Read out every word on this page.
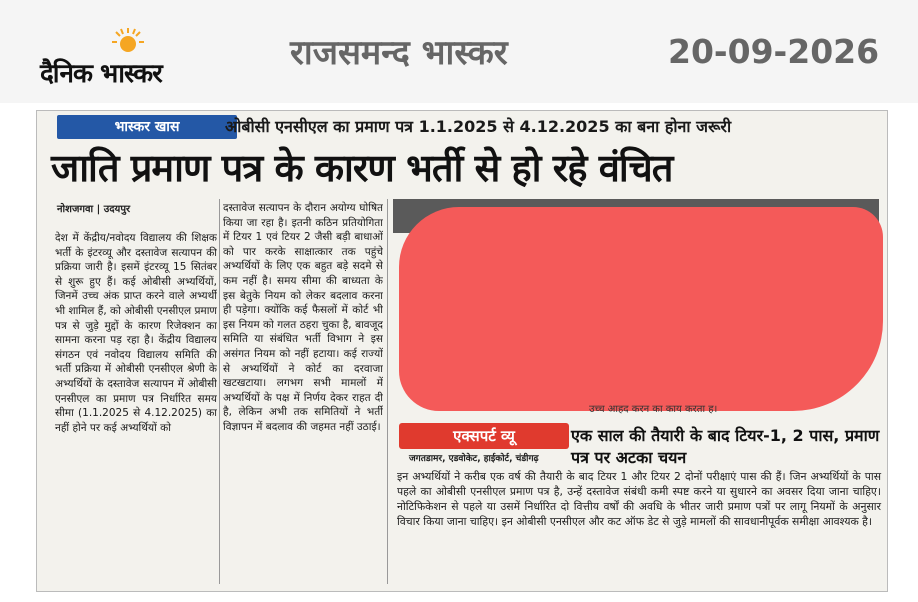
दैनिक भास्कर
राजसमन्द भास्कर	20-09-2026
भास्कर खास	ओबीसी एनसीएल का प्रमाण पत्र 1.1.2025 से 4.12.2025 का बना होना जरूरी
जाति प्रमाण पत्र के कारण भर्ती से हो रहे वंचित
नोशजगवा | उदयपुर
देश में केंद्रीय/नवोदय विद्यालय की शिक्षक भर्ती के इंटरव्यू और दस्तावेज सत्यापन की प्रक्रिया जारी है। इसमें इंटरव्यू 15 सितंबर से शुरू हुए हैं। कई ओबीसी अभ्यर्थियों, जिनमें उच्च अंक प्राप्त करने वाले अभ्यर्थी भी शामिल हैं, को ओबीसी एनसीएल प्रमाण पत्र से जुड़े मुद्दों के कारण रिजेक्शन का सामना करना पड़ रहा है। केंद्रीय विद्यालय संगठन एवं नवोदय विद्यालय समिति की भर्ती प्रक्रिया में ओबीसी एनसीएल श्रेणी के अभ्यर्थियों के दस्तावेज सत्यापन में ओबीसी एनसीएल का प्रमाण पत्र निर्धारित समय सीमा (1.1.2025 से 4.12.2025) का नहीं होने पर कई अभ्यर्थियों को
दस्तावेज सत्यापन के दौरान अयोग्य घोषित किया जा रहा है। इतनी कठिन प्रतियोगिता में टियर 1 एवं टियर 2 जैसी बड़ी बाधाओं को पार करके साक्षात्कार तक पहुंचे अभ्यर्थियों के लिए एक बहुत बड़े सदमे से कम नहीं है। समय सीमा की बाध्यता के इस बेतुके नियम को लेकर बदलाव करना ही पड़ेगा। क्योंकि कई फैसलों में कोर्ट भी इस नियम को गलत ठहरा चुका है, बावजूद समिति या संबंधित भर्ती विभाग ने इस असंगत नियम को नहीं हटाया। कई राज्यों से अभ्यर्थियों ने कोर्ट का दरवाजा खटखटाया। लगभग सभी मामलों में अभ्यर्थियों के पक्ष में निर्णय देकर राहत दी है, लेकिन अभी तक समितियों ने भर्ती विज्ञापन में बदलाव की जहमत नहीं उठाई।
उच्च आहद करन का काय करता ह।
एक्सपर्ट व्यू
जगतडामर, एडवोकेट, हाईकोर्ट, चंडीगढ़
एक साल की तैयारी के बाद टियर-1, 2 पास, प्रमाण पत्र पर अटका चयन
इन अभ्यर्थियों ने करीब एक वर्ष की तैयारी के बाद टियर 1 और टियर 2 दोनों परीक्षाएं पास की हैं। जिन अभ्यर्थियों के पास पहले का ओबीसी एनसीएल प्रमाण पत्र है, उन्हें दस्तावेज संबंधी कमी स्पष्ट करने या सुधारने का अवसर दिया जाना चाहिए। नोटिफिकेशन से पहले या उसमें निर्धारित दो वित्तीय वर्षों की अवधि के भीतर जारी प्रमाण पत्रों पर लागू नियमों के अनुसार विचार किया जाना चाहिए। इन ओबीसी एनसीएल और कट ऑफ डेट से जुड़े मामलों की सावधानीपूर्वक समीक्षा आवश्यक है।
